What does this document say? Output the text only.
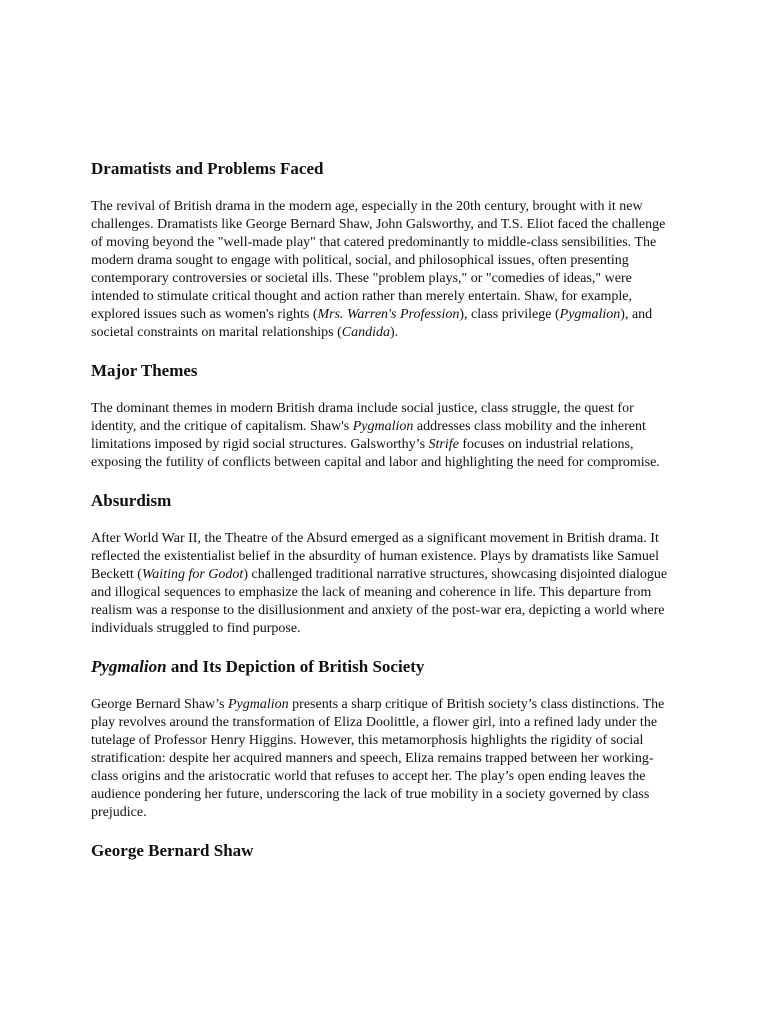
Dramatists and Problems Faced

The revival of British drama in the modern age, especially in the 20th century, brought with it new challenges. Dramatists like George Bernard Shaw, John Galsworthy, and T.S. Eliot faced the challenge of moving beyond the "well-made play" that catered predominantly to middle-class sensibilities. The modern drama sought to engage with political, social, and philosophical issues, often presenting contemporary controversies or societal ills. These "problem plays," or "comedies of ideas," were intended to stimulate critical thought and action rather than merely entertain. Shaw, for example, explored issues such as women's rights (Mrs. Warren's Profession), class privilege (Pygmalion), and societal constraints on marital relationships (Candida).

Major Themes

The dominant themes in modern British drama include social justice, class struggle, the quest for identity, and the critique of capitalism. Shaw's Pygmalion addresses class mobility and the inherent limitations imposed by rigid social structures. Galsworthy’s Strife focuses on industrial relations, exposing the futility of conflicts between capital and labor and highlighting the need for compromise.

Absurdism

After World War II, the Theatre of the Absurd emerged as a significant movement in British drama. It reflected the existentialist belief in the absurdity of human existence. Plays by dramatists like Samuel Beckett (Waiting for Godot) challenged traditional narrative structures, showcasing disjointed dialogue and illogical sequences to emphasize the lack of meaning and coherence in life. This departure from realism was a response to the disillusionment and anxiety of the post-war era, depicting a world where individuals struggled to find purpose.

Pygmalion and Its Depiction of British Society

George Bernard Shaw’s Pygmalion presents a sharp critique of British society’s class distinctions. The play revolves around the transformation of Eliza Doolittle, a flower girl, into a refined lady under the tutelage of Professor Henry Higgins. However, this metamorphosis highlights the rigidity of social stratification: despite her acquired manners and speech, Eliza remains trapped between her working-class origins and the aristocratic world that refuses to accept her. The play’s open ending leaves the audience pondering her future, underscoring the lack of true mobility in a society governed by class prejudice.

George Bernard Shaw
